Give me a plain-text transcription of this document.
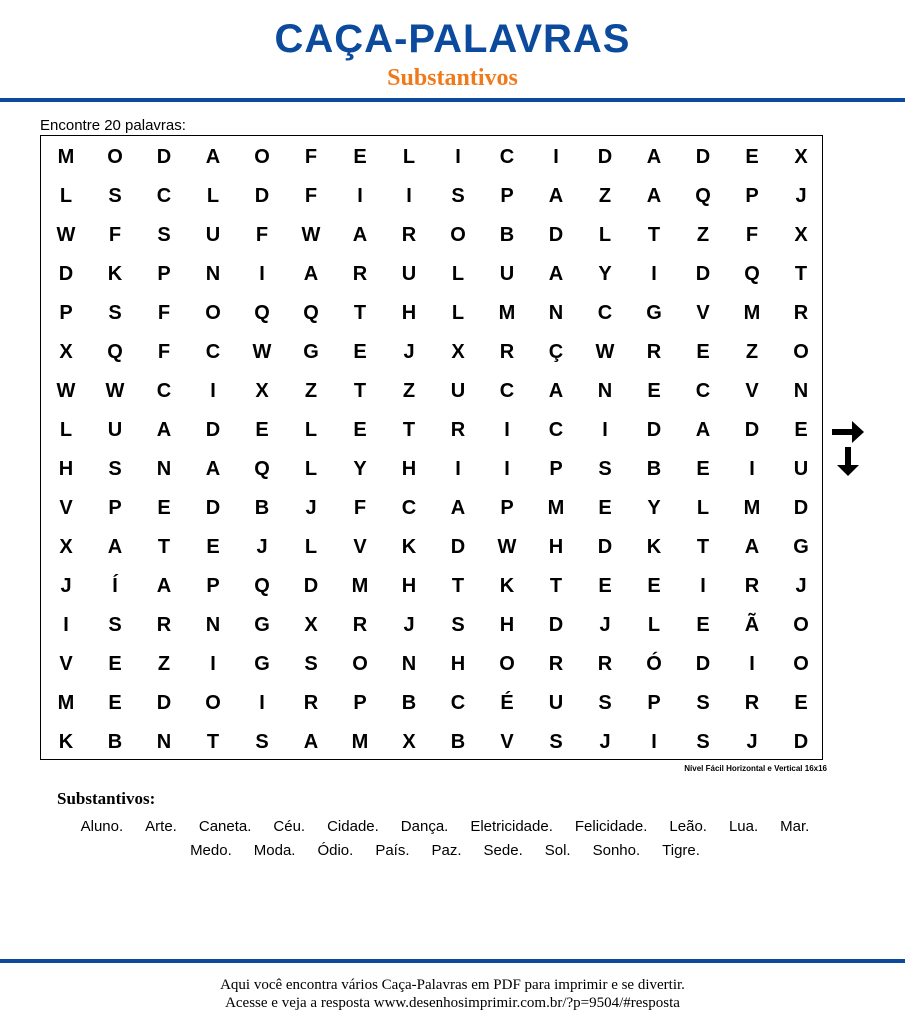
CAÇA-PALAVRAS
Substantivos
Encontre 20 palavras:
M	O	D	A	O	F	E	L	I	C	I	D	A	D	E	X
L	S	C	L	D	F	I	I	S	P	A	Z	A	Q	P	J
W	F	S	U	F	W	A	R	O	B	D	L	T	Z	F	X
D	K	P	N	I	A	R	U	L	U	A	Y	I	D	Q	T
P	S	F	O	Q	Q	T	H	L	M	N	C	G	V	M	R
X	Q	F	C	W	G	E	J	X	R	Ç	W	R	E	Z	O
W	W	C	I	X	Z	T	Z	U	C	A	N	E	C	V	N
L	U	A	D	E	L	E	T	R	I	C	I	D	A	D	E
H	S	N	A	Q	L	Y	H	I	I	P	S	B	E	I	U
V	P	E	D	B	J	F	C	A	P	M	E	Y	L	M	D
X	A	T	E	J	L	V	K	D	W	H	D	K	T	A	G
J	Í	A	P	Q	D	M	H	T	K	T	E	E	I	R	J
I	S	R	N	G	X	R	J	S	H	D	J	L	E	Ã	O
V	E	Z	I	G	S	O	N	H	O	R	R	Ó	D	I	O
M	E	D	O	I	R	P	B	C	É	U	S	P	S	R	E
K	B	N	T	S	A	M	X	B	V	S	J	I	S	J	D
Nível Fácil Horizontal e Vertical 16x16
Substantivos:
Aluno. Arte. Caneta. Céu. Cidade. Dança. Eletricidade. Felicidade. Leão. Lua. Mar.
Medo. Moda. Ódio. País. Paz. Sede. Sol. Sonho. Tigre.
Aqui você encontra vários Caça-Palavras em PDF para imprimir e se divertir.
Acesse e veja a resposta www.desenhosimprimir.com.br/?p=9504/#resposta
